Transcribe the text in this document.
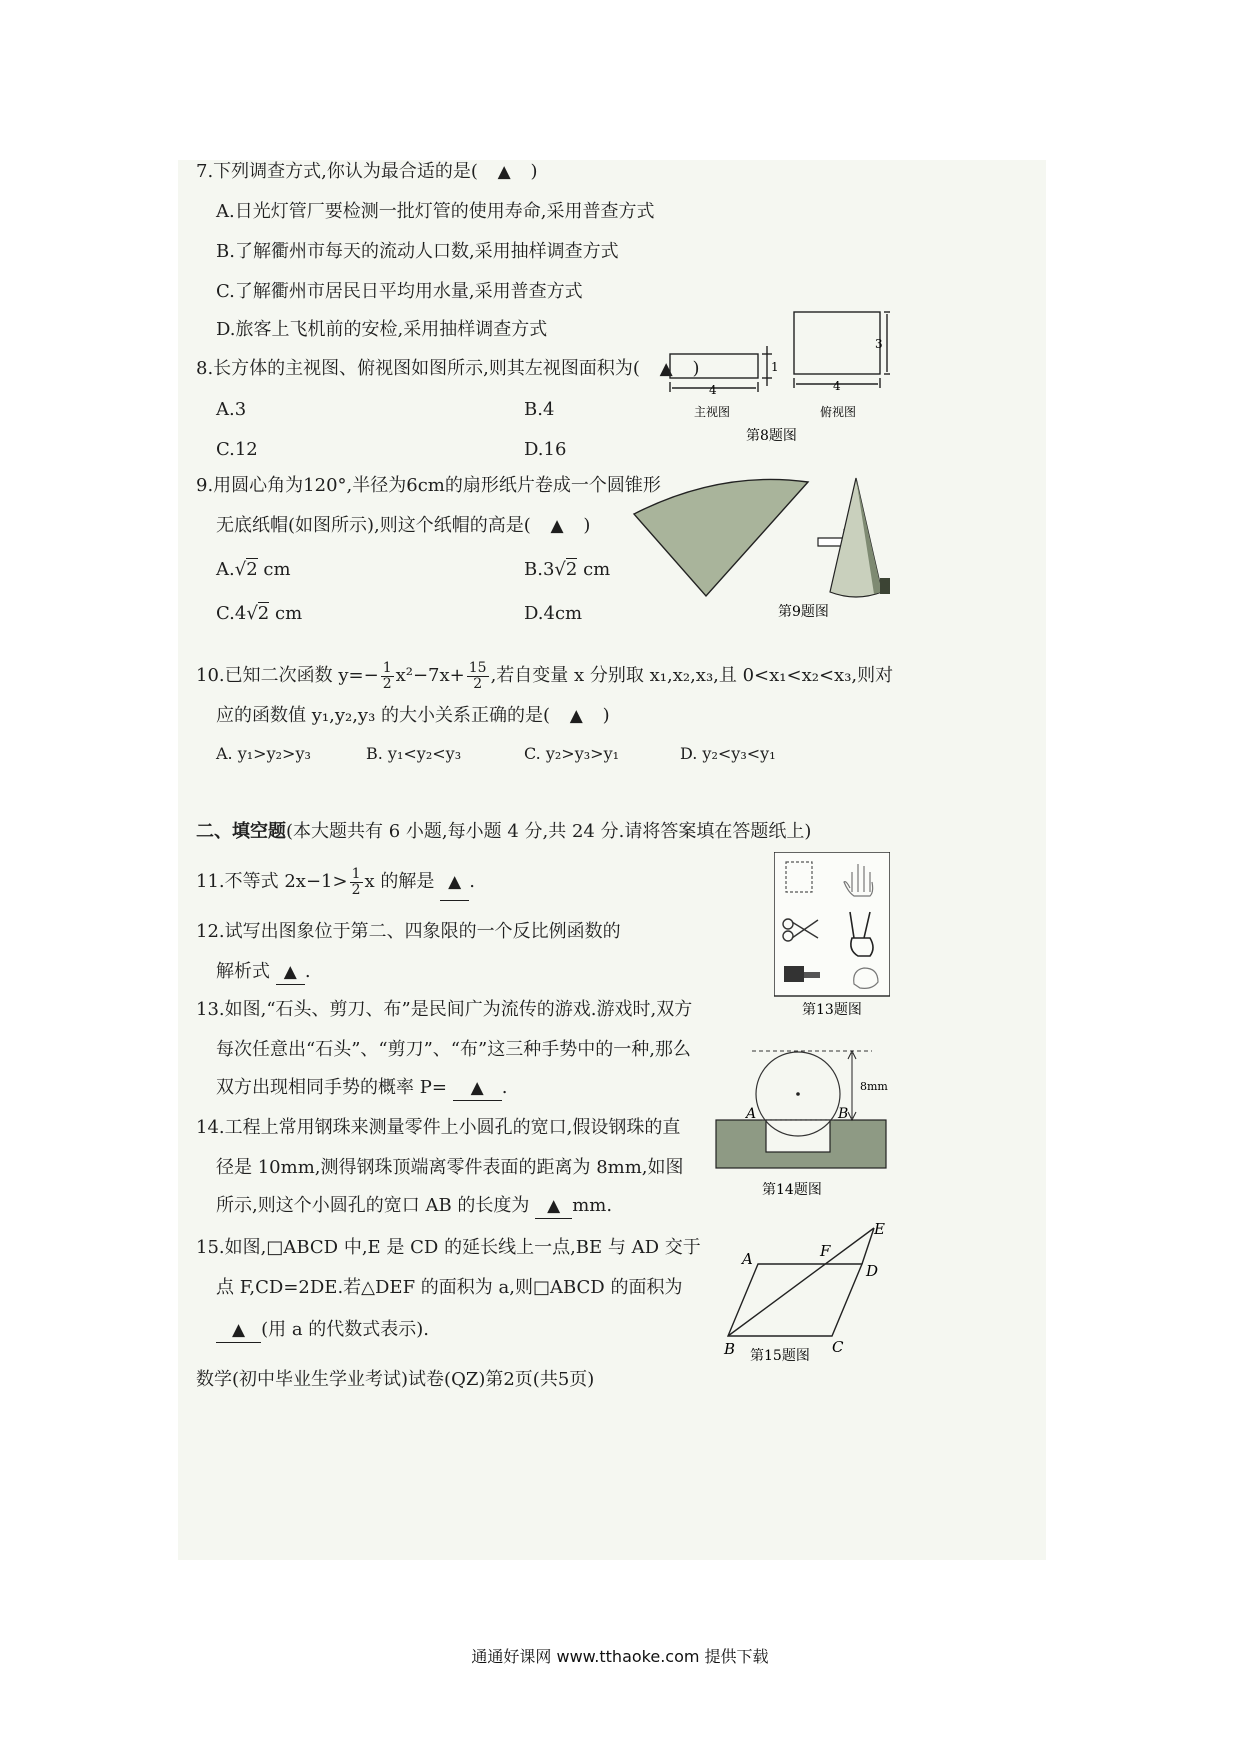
7.下列调查方式,你认为最合适的是( ▲ )
A.日光灯管厂要检测一批灯管的使用寿命,采用普查方式
B.了解衢州市每天的流动人口数,采用抽样调查方式
C.了解衢州市居民日平均用水量,采用普查方式
D.旅客上飞机前的安检,采用抽样调查方式
8.长方体的主视图、俯视图如图所示,则其左视图面积为( ▲ )
A.3	B.4
C.12	D.16
4
1
4
3
主视图	俯视图
第8题图
9.用圆心角为120°,半径为6cm的扇形纸片卷成一个圆锥形
无底纸帽(如图所示),则这个纸帽的高是( ▲ )
A.√2 cm	B.3√2 cm
C.4√2 cm	D.4cm	第9题图
10.已知二次函数 $y=- \frac{1}{2} x^2-7x+ \frac{15}{2}$ ,若自变量 x 分别取 x₁,x₂,x₃,且 0<x₁<x₂<x₃,则对
应的函数值 y₁,y₂,y₃ 的大小关系正确的是( ▲ )
A. y₁>y₂>y₃	B. y₁<y₂<y₃	C. y₂>y₃>y₁	D. y₂<y₃<y₁
二、填空题(本大题共有 6 小题,每小题 4 分,共 24 分.请将答案填在答题纸上)
11.不等式 $2x-1> \frac{1}{2}$ x 的解是 ▲ .
12.试写出图象位于第二、四象限的一个反比例函数的
解析式 ▲ .
第13题图
13.如图,“石头、剪刀、布”是民间广为流传的游戏.游戏时,双方
每次任意出“石头”、“剪刀”、“布”这三种手势中的一种,那么
双方出现相同手势的概率 P= ▲ .	8mm
A	B
第14题图
14.工程上常用钢珠来测量零件上小圆孔的宽口,假设钢珠的直
径是 10mm,测得钢珠顶端离零件表面的距离为 8mm,如图
所示,则这个小圆孔的宽口 AB 的长度为 ▲ mm.
A	F
E
D
B	C
第15题图
15.如图,□ABCD 中,E 是 CD 的延长线上一点,BE 与 AD 交于
点 F,CD=2DE.若△DEF 的面积为 a,则□ABCD 的面积为
▲ (用 a 的代数式表示).
数学(初中毕业生学业考试)试卷(QZ)第2页(共5页)
通通好课网 www.tthaoke.com 提供下载
